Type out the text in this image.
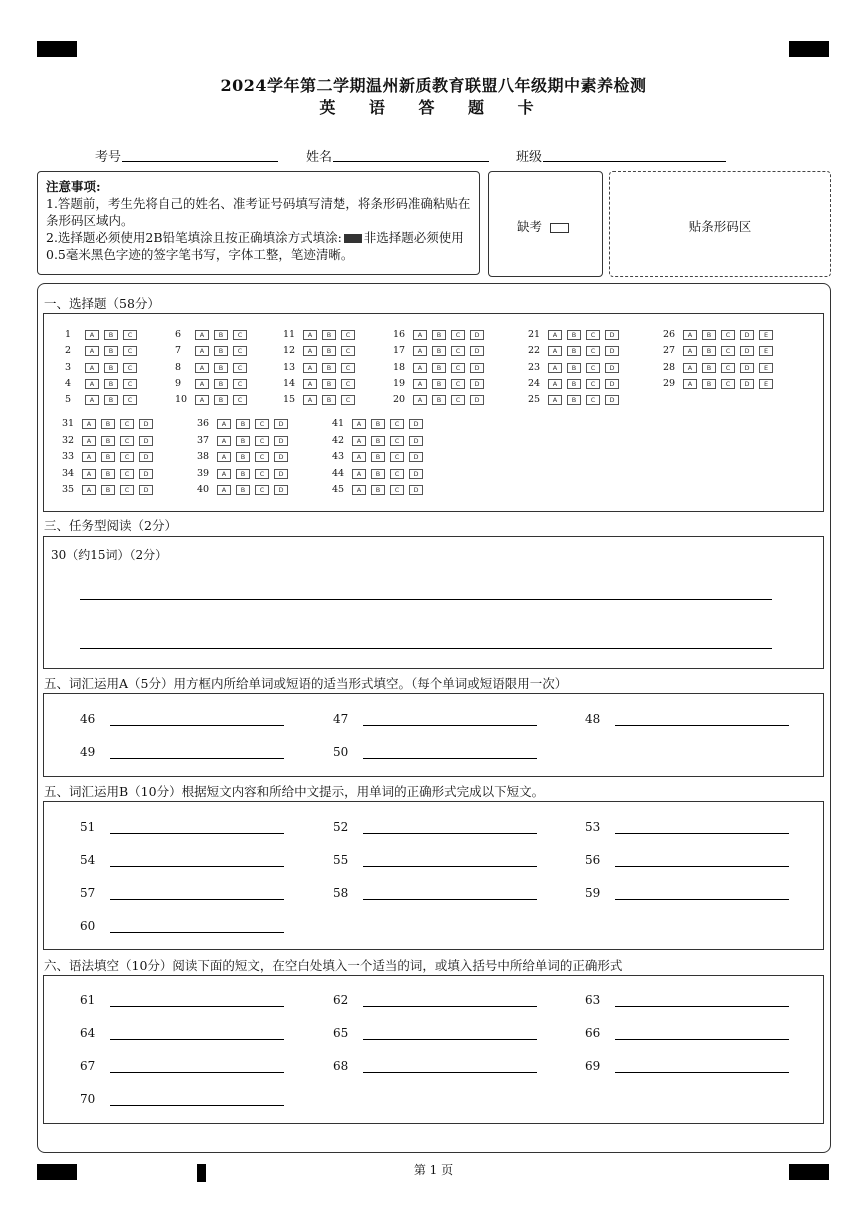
2024学年第二学期温州新质教育联盟八年级期中素养检测
英 语 答 题 卡
考号	姓名	班级
注意事项:
1.答题前，考生先将自己的姓名、准考证号码填写清楚，将条形码准确粘贴在条形码区域内。
2.选择题必须使用2B铅笔填涂且按正确填涂方式填涂: 非选择题必须使用0.5毫米黑色字迹的签字笔书写，字体工整，笔迹清晰。
缺考	贴条形码区
一、选择题（58分）
1	A B C
2	A B C
3	A B C
4	A B C
5	A B C
6	A B C
7	A B C
8	A B C
9	A B C
10 A B C
11 A B C
12 A B C
13 A B C
14 A B C
15 A B C
16 A B C D
17 A B C D
18 A B C D
19 A B C D
20 A B C D
21 A B C D
22 A B C D
23 A B C D
24 A B C D
25 A B C D
26 A B C D E
27 A B C D E
28 A B C D E
29 A B C D E
31 A B C D
32 A B C D
33 A B C D
34 A B C D
35 A B C D
36 A B C D
37 A B C D
38 A B C D
39 A B C D
40 A B C D
41 A B C D
42 A B C D
43 A B C D
44 A B C D
45 A B C D
三、任务型阅读（2分）
30（约15词）（2分）
五、词汇运用A（5分）用方框内所给单词或短语的适当形式填空。（每个单词或短语限用一次）
46	47	48
49	50
五、词汇运用B（10分）根据短文内容和所给中文提示，用单词的正确形式完成以下短文。
51	52	53
54	55	56
57	58	59
60
六、语法填空（10分）阅读下面的短文，在空白处填入一个适当的词，或填入括号中所给单词的正确形式
61	62	63
64	65	66
67	68	69
70
第 1 页
